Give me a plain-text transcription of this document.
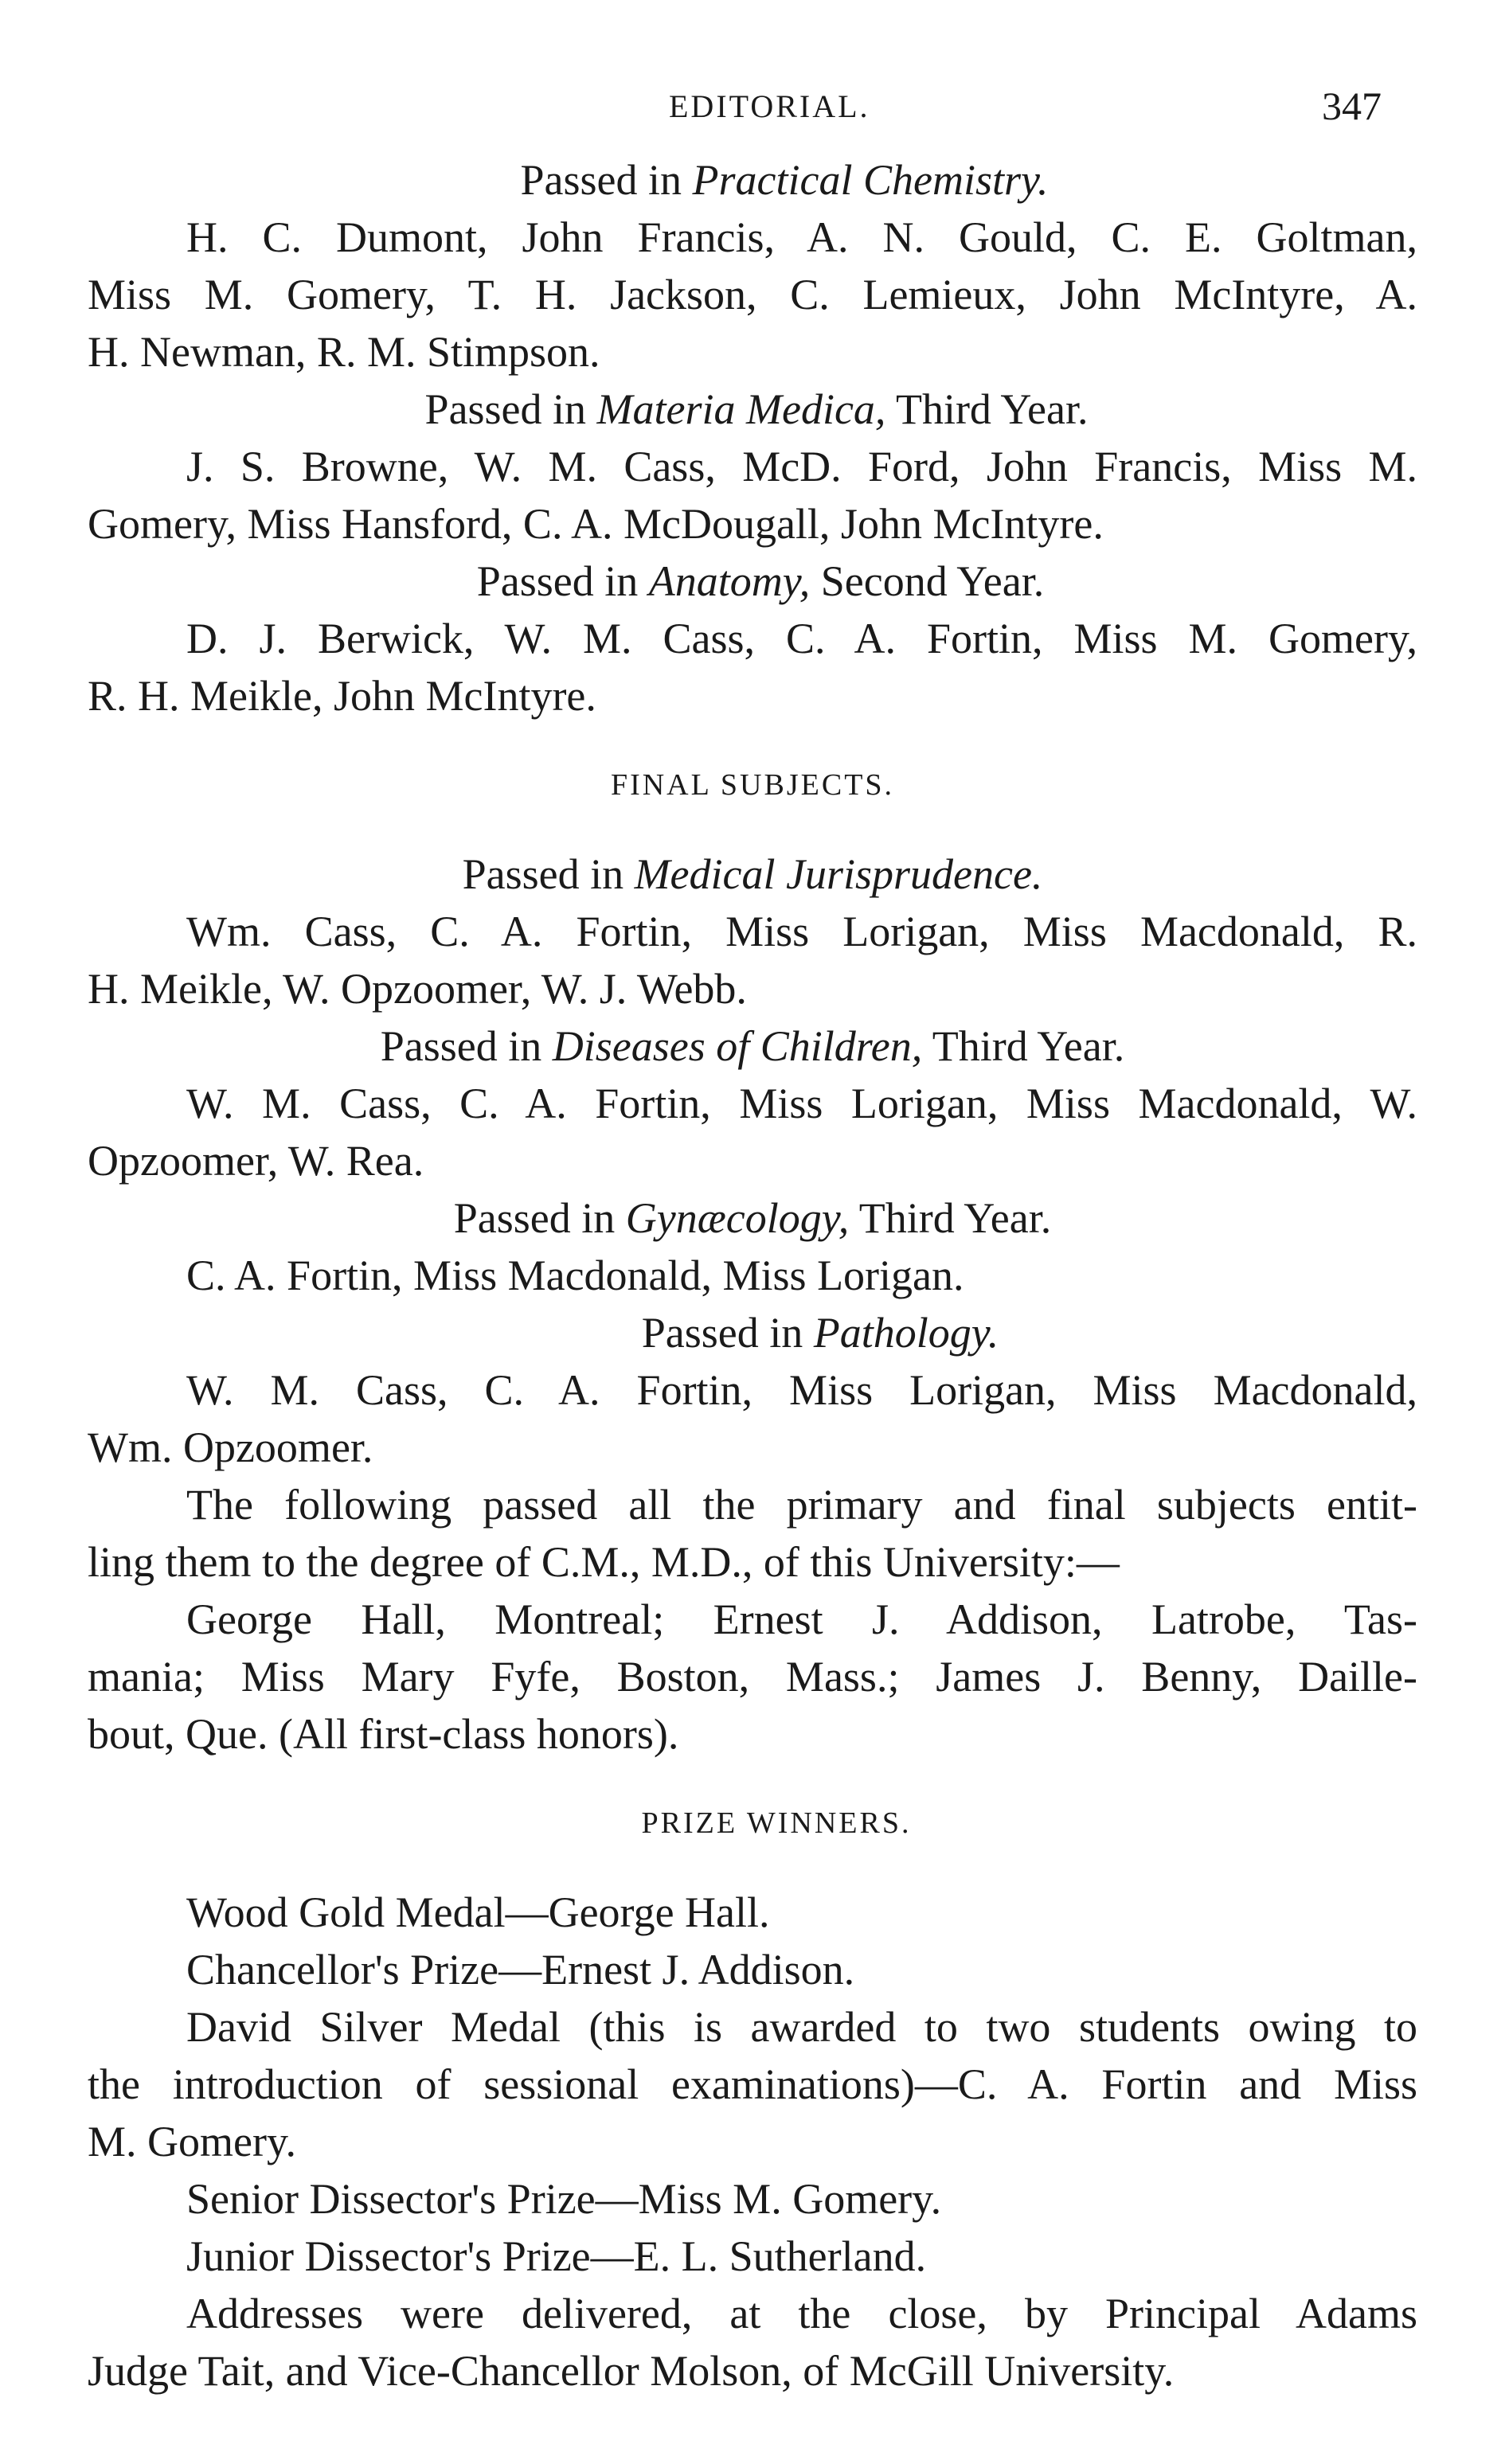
EDITORIAL.	347
Passed in Practical Chemistry.
H. C. Dumont, John Francis, A. N. Gould, C. E. Goltman,
Miss M. Gomery, T. H. Jackson, C. Lemieux, John McIntyre, A.
H. Newman, R. M. Stimpson.
Passed in Materia Medica, Third Year.
J. S. Browne, W. M. Cass, McD. Ford, John Francis, Miss M.
Gomery, Miss Hansford, C. A. McDougall, John McIntyre.
Passed in Anatomy, Second Year.
D. J. Berwick, W. M. Cass, C. A. Fortin, Miss M. Gomery,
R. H. Meikle, John McIntyre.
FINAL SUBJECTS.
Passed in Medical Jurisprudence.
Wm. Cass, C. A. Fortin, Miss Lorigan, Miss Macdonald, R.
H. Meikle, W. Opzoomer, W. J. Webb.
Passed in Diseases of Children, Third Year.
W. M. Cass, C. A. Fortin, Miss Lorigan, Miss Macdonald, W.
Opzoomer, W. Rea.
Passed in Gynæcology, Third Year.
C. A. Fortin, Miss Macdonald, Miss Lorigan.
Passed in Pathology.
W. M. Cass, C. A. Fortin, Miss Lorigan, Miss Macdonald,
Wm. Opzoomer.
The following passed all the primary and final subjects entit-
ling them to the degree of C.M., M.D., of this University:—
George Hall, Montreal; Ernest J. Addison, Latrobe, Tas-
mania; Miss Mary Fyfe, Boston, Mass.; James J. Benny, Daille-
bout, Que. (All first-class honors).
PRIZE WINNERS.
Wood Gold Medal—George Hall.
Chancellor's Prize—Ernest J. Addison.
David Silver Medal (this is awarded to two students owing to
the introduction of sessional examinations)—C. A. Fortin and Miss
M. Gomery.
Senior Dissector's Prize—Miss M. Gomery.
Junior Dissector's Prize—E. L. Sutherland.
Addresses were delivered, at the close, by Principal Adams
Judge Tait, and Vice-Chancellor Molson, of McGill University.
